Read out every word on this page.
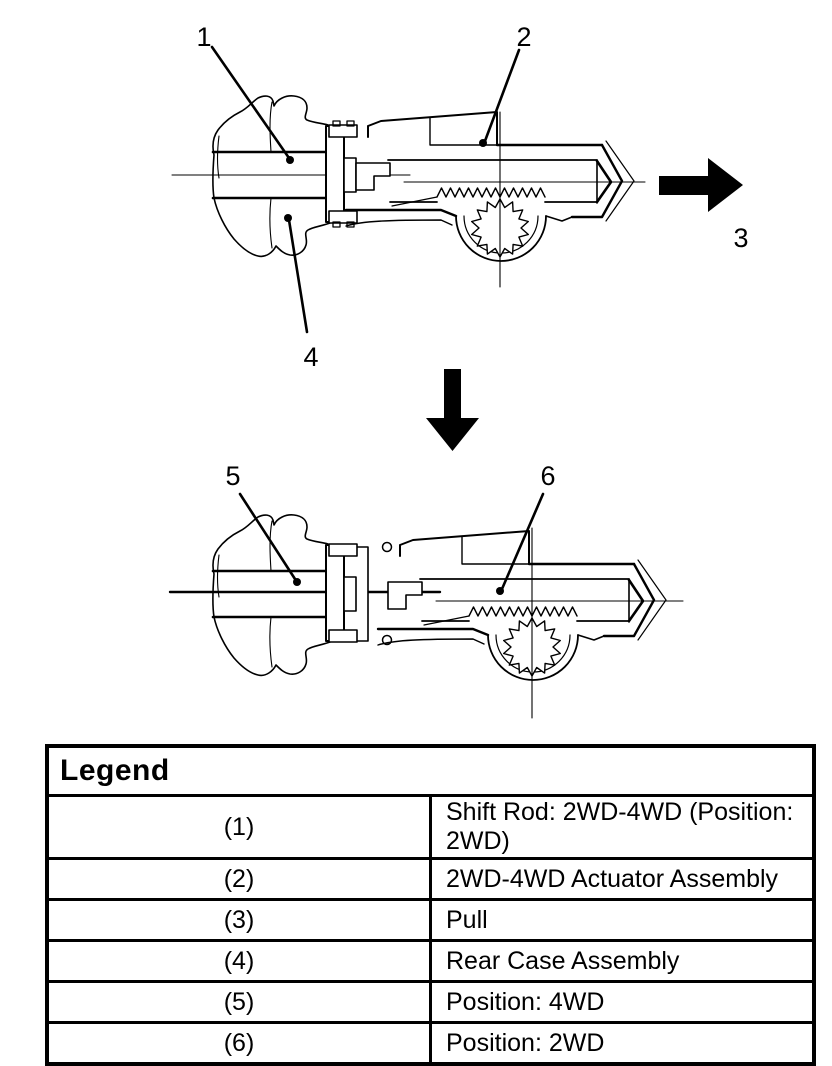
1	2
4
3
5	6
Legend	
(1)	Shift Rod: 2WD-4WD (Position: 2WD)
(2)	2WD-4WD Actuator Assembly
(3)	Pull
(4)	Rear Case Assembly
(5)	Position: 4WD
(6)	Position: 2WD
